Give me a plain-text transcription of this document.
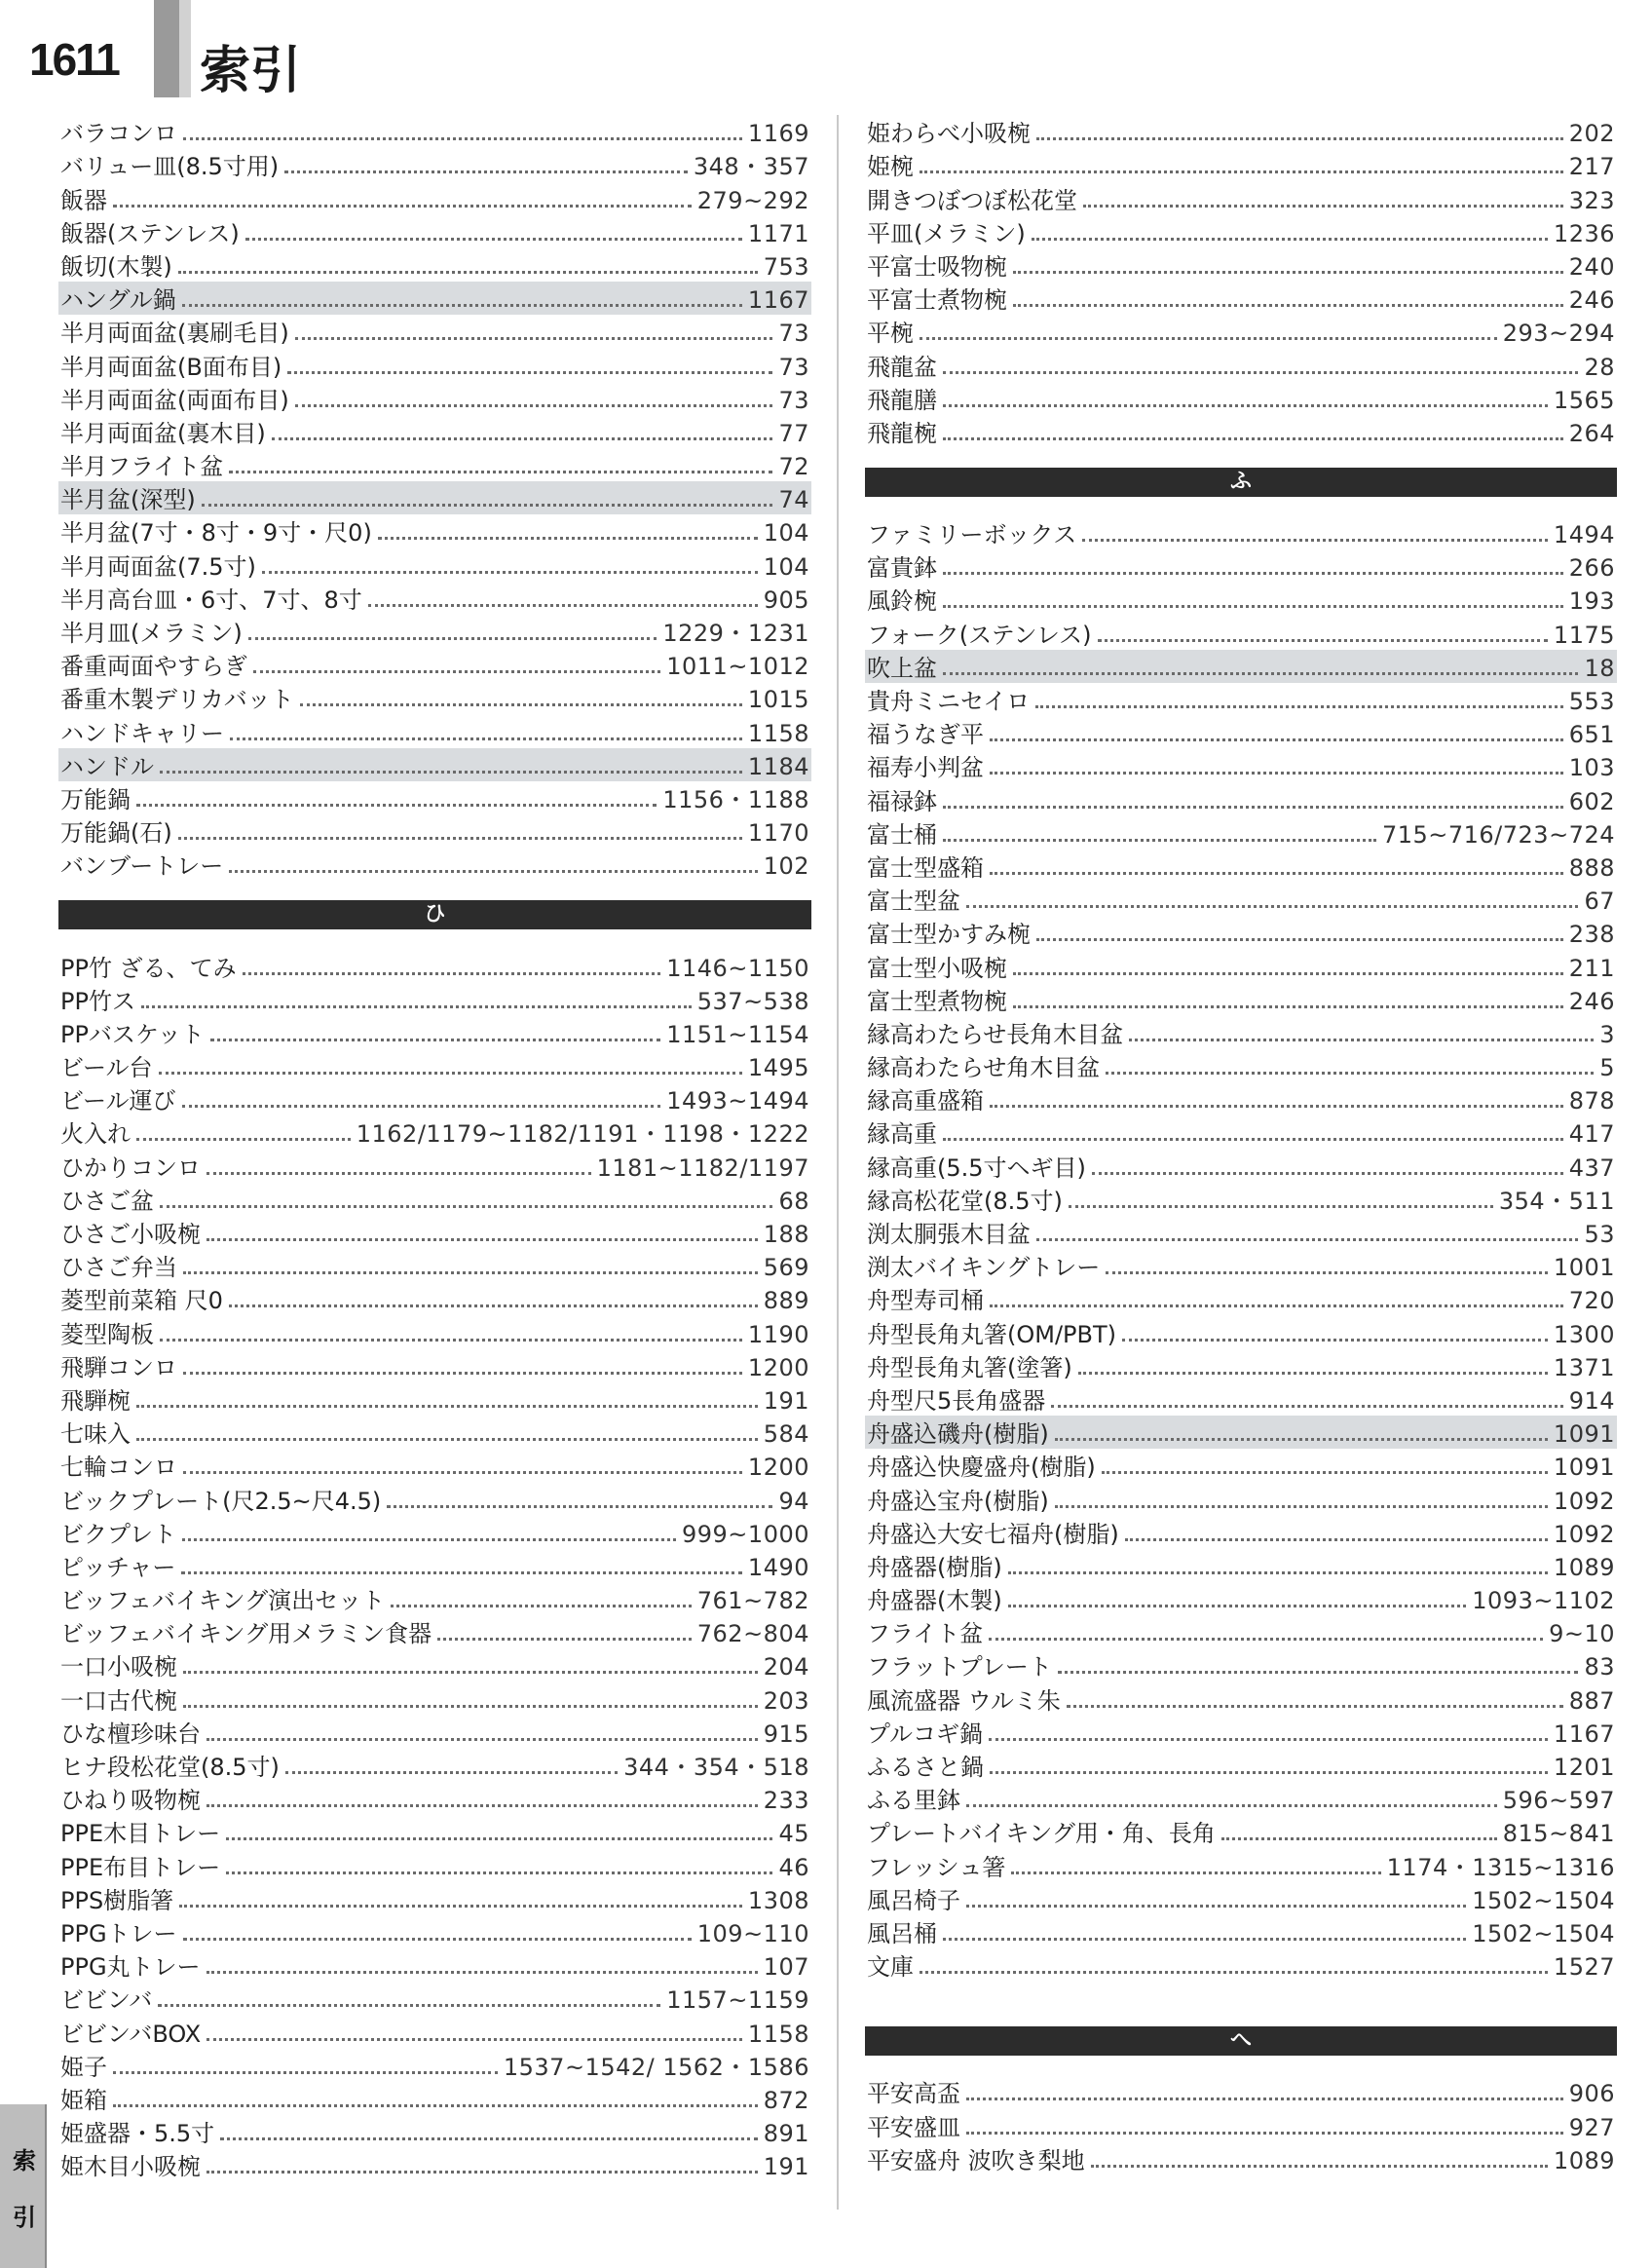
1611 索引
バラコンロ	1169
バリュー皿(8.5寸用)	348・357
飯器	279~292
飯器(ステンレス)	1171
飯切(木製)	753
ハングル鍋	1167
半月両面盆(裏刷毛目)	73
半月両面盆(B面布目)	73
半月両面盆(両面布目)	73
半月両面盆(裏木目)	77
半月フライト盆	72
半月盆(深型)	74
半月盆(7寸・8寸・9寸・尺0)	104
半月両面盆(7.5寸)	104
半月高台皿・6寸、7寸、8寸	905
半月皿(メラミン)	1229・1231
番重両面やすらぎ	1011~1012
番重木製デリカバット	1015
ハンドキャリー	1158
ハンドル	1184
万能鍋	1156・1188
万能鍋(石)	1170
バンブートレー	102
ひ
PP竹 ざる、てみ	1146~1150
PP竹ス	537~538
PPバスケット	1151~1154
ビール台	1495
ビール運び	1493~1494
火入れ	1162/1179~1182/1191・1198・1222
ひかりコンロ	1181~1182/1197
ひさご盆	68
ひさご小吸椀	188
ひさご弁当	569
菱型前菜箱 尺0	889
菱型陶板	1190
飛騨コンロ	1200
飛騨椀	191
七味入	584
七輪コンロ	1200
ビックプレート(尺2.5~尺4.5)	94
ビクプレト	999~1000
ピッチャー	1490
ビッフェバイキング演出セット	761~782
ビッフェバイキング用メラミン食器	762~804
一口小吸椀	204
一口古代椀	203
ひな檀珍味台	915
ヒナ段松花堂(8.5寸)	344・354・518
ひねり吸物椀	233
PPE木目トレー	45
PPE布目トレー	46
PPS樹脂箸	1308
PPGトレー	109~110
PPG丸トレー	107
ビビンバ	1157~1159
ビビンバBOX	1158
姫子	1537~1542/ 1562・1586
姫箱	872
姫盛器・5.5寸	891
姫木目小吸椀	191
姫わらべ小吸椀	202
姫椀	217
開きつぼつぼ松花堂	323
平皿(メラミン)	1236
平富士吸物椀	240
平富士煮物椀	246
平椀	293~294
飛龍盆	28
飛龍膳	1565
飛龍椀	264
ふ
ファミリーボックス	1494
富貴鉢	266
風鈴椀	193
フォーク(ステンレス)	1175
吹上盆	18
貴舟ミニセイロ	553
福うなぎ平	651
福寿小判盆	103
福禄鉢	602
富士桶	715~716/723~724
富士型盛箱	888
富士型盆	67
富士型かすみ椀	238
富士型小吸椀	211
富士型煮物椀	246
縁高わたらせ長角木目盆	3
縁高わたらせ角木目盆	5
縁高重盛箱	878
縁高重	417
縁高重(5.5寸ヘギ目)	437
縁高松花堂(8.5寸)	354・511
渕太胴張木目盆	53
渕太バイキングトレー	1001
舟型寿司桶	720
舟型長角丸箸(OM/PBT)	1300
舟型長角丸箸(塗箸)	1371
舟型尺5長角盛器	914
舟盛込磯舟(樹脂)	1091
舟盛込快慶盛舟(樹脂)	1091
舟盛込宝舟(樹脂)	1092
舟盛込大安七福舟(樹脂)	1092
舟盛器(樹脂)	1089
舟盛器(木製)	1093~1102
フライト盆	9~10
フラットプレート	83
風流盛器 ウルミ朱	887
プルコギ鍋	1167
ふるさと鍋	1201
ふる里鉢	596~597
プレートバイキング用・角、長角	815~841
フレッシュ箸	1174・1315~1316
風呂椅子	1502~1504
風呂桶	1502~1504
文庫	1527
へ
平安高盃	906
平安盛皿	927
平安盛舟 波吹き梨地	1089
索
引
